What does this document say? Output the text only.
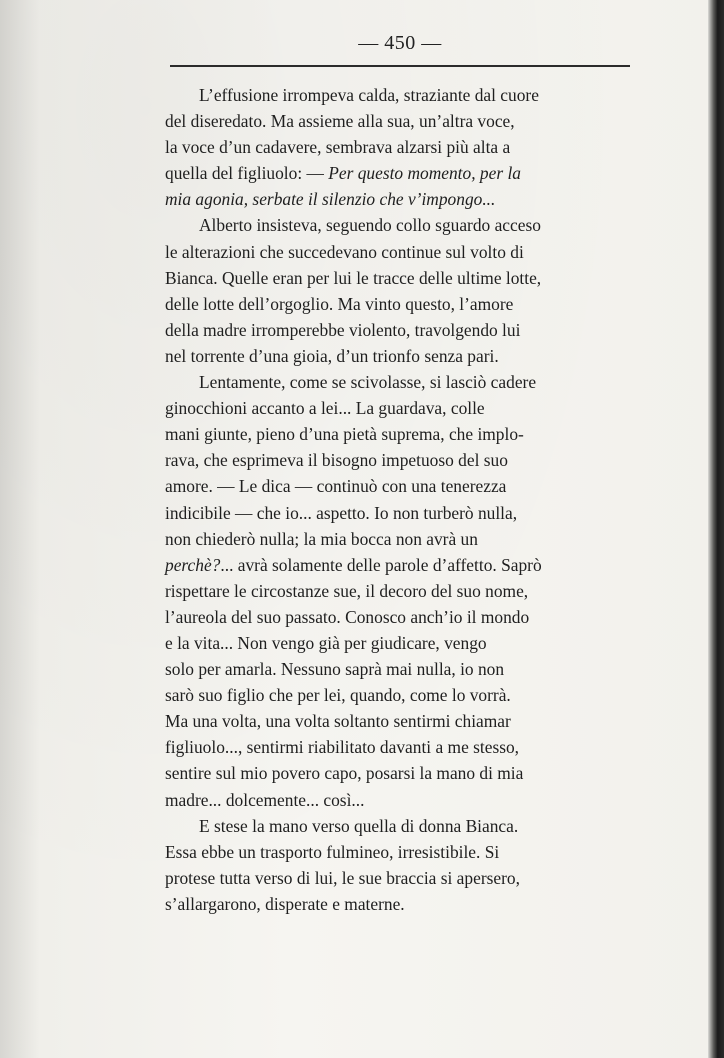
— 450 —
L’effusione irrompeva calda, straziante dal cuore
del diseredato. Ma assieme alla sua, un’altra voce,
la voce d’un cadavere, sembrava alzarsi più alta a
quella del figliuolo: — Per questo momento, per la
mia agonia, serbate il silenzio che v’impongo...
Alberto insisteva, seguendo collo sguardo acceso
le alterazioni che succedevano continue sul volto di
Bianca. Quelle eran per lui le tracce delle ultime lotte,
delle lotte dell’orgoglio. Ma vinto questo, l’amore
della madre irromperebbe violento, travolgendo lui
nel torrente d’una gioia, d’un trionfo senza pari.
Lentamente, come se scivolasse, si lasciò cadere
ginocchioni accanto a lei... La guardava, colle
mani giunte, pieno d’una pietà suprema, che implo-
rava, che esprimeva il bisogno impetuoso del suo
amore. — Le dica — continuò con una tenerezza
indicibile — che io... aspetto. Io non turberò nulla,
non chiederò nulla; la mia bocca non avrà un
perchè?... avrà solamente delle parole d’affetto. Saprò
rispettare le circostanze sue, il decoro del suo nome,
l’aureola del suo passato. Conosco anch’io il mondo
e la vita... Non vengo già per giudicare, vengo
solo per amarla. Nessuno saprà mai nulla, io non
sarò suo figlio che per lei, quando, come lo vorrà.
Ma una volta, una volta soltanto sentirmi chiamar
figliuolo..., sentirmi riabilitato davanti a me stesso,
sentire sul mio povero capo, posarsi la mano di mia
madre... dolcemente... così...
E stese la mano verso quella di donna Bianca.
Essa ebbe un trasporto fulmineo, irresistibile. Si
protese tutta verso di lui, le sue braccia si apersero,
s’allargarono, disperate e materne.
